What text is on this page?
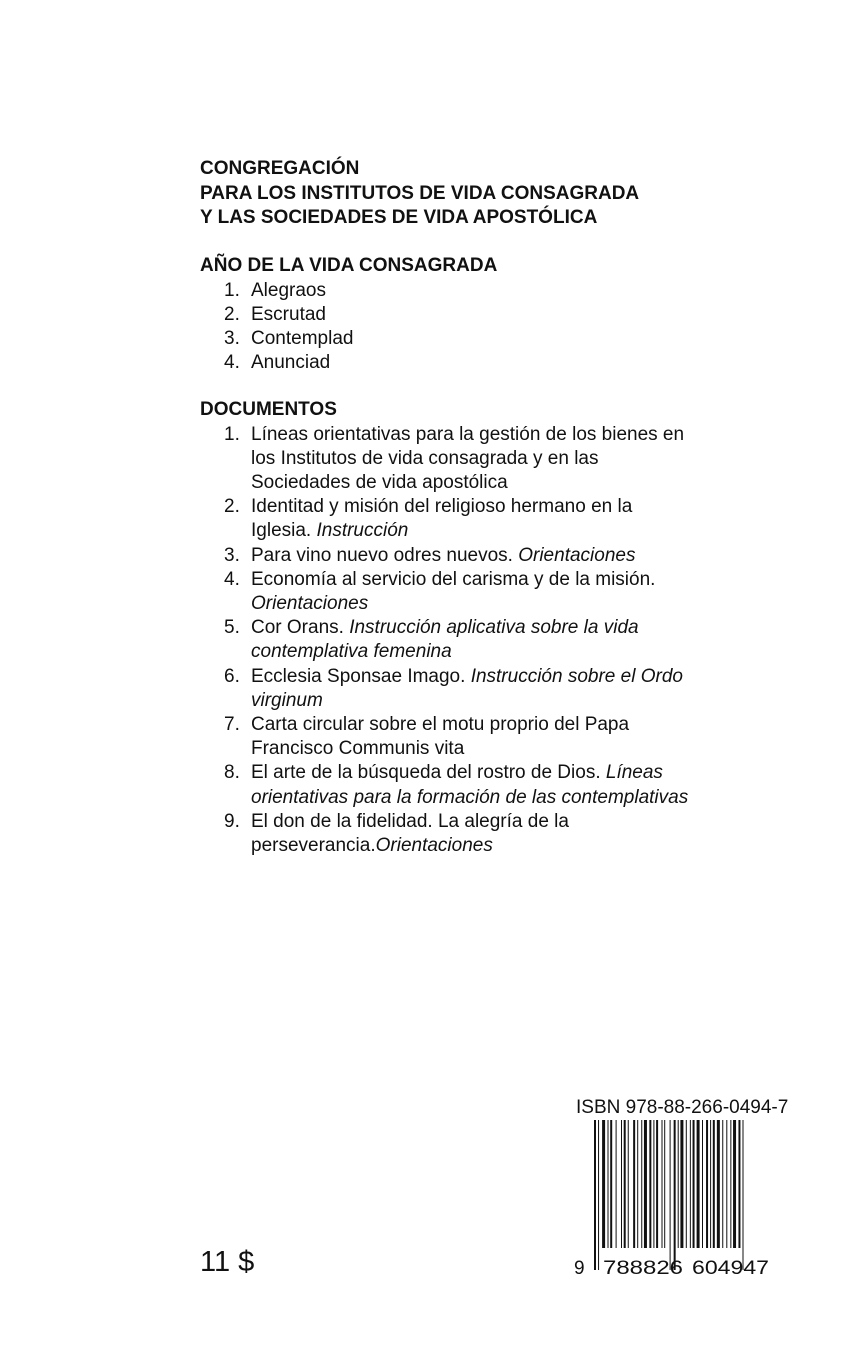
CONGREGACIÓN
PARA LOS INSTITUTOS DE VIDA CONSAGRADA
Y LAS SOCIEDADES DE VIDA APOSTÓLICA
AÑO DE LA VIDA CONSAGRADA
1. Alegraos
2. Escrutad
3. Contemplad
4. Anunciad
DOCUMENTOS
1. Líneas orientativas para la gestión de los bienes en
los Institutos de vida consagrada y en las
Sociedades de vida apostólica
2. Identitad y misión del religioso hermano en la
Iglesia. Instrucción
3. Para vino nuevo odres nuevos. Orientaciones
4. Economía al servicio del carisma y de la misión.
Orientaciones
5. Cor Orans. Instrucción aplicativa sobre la vida
contemplativa femenina
6. Ecclesia Sponsae Imago. Instrucción sobre el Ordo
virginum
7. Carta circular sobre el motu proprio del Papa
Francisco Communis vita
8. El arte de la búsqueda del rostro de Dios. Líneas
orientativas para la formación de las contemplativas
9. El don de la fidelidad. La alegría de la
perseverancia.Orientaciones
ISBN 978-88-266-0494-7
9 788826 604947
11 $
